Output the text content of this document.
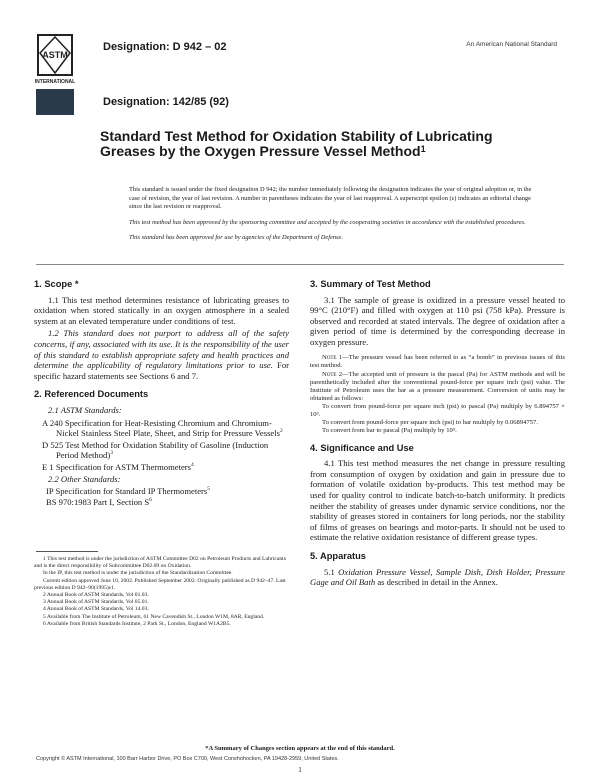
ASTM
INTERNATIONAL
Designation: D 942 – 02	An American National Standard
Designation: 142/85 (92)
Standard Test Method for Oxidation Stability of Lubricating Greases by the Oxygen Pressure Vessel Method$^1$

This standard is issued under the fixed designation D 942; the number immediately following the designation indicates the year of original adoption or, in the case of revision, the year of last revision. A number in parentheses indicates the year of last reapproval. A superscript epsilon (ε) indicates an editorial change since the last revision or reapproval.

This test method has been approved by the sponsoring committee and accepted by the cooperating societies in accordance with the established procedures.

This standard has been approved for use by agencies of the Department of Defense.

1. Scope *

1.1 This test method determines resistance of lubricating greases to oxidation when stored statically in an oxygen atmosphere in a sealed system at an elevated temperature under conditions of test.

1.2 This standard does not purport to address all of the safety concerns, if any, associated with its use. It is the responsibility of the user of this standard to establish appropriate safety and health practices and determine the applicability of regulatory limitations prior to use. For specific hazard statements see Sections 6 and 7.

2. Referenced Documents

2.1 ASTM Standards:

A 240 Specification for Heat-Resisting Chromium and Chromium-Nickel Stainless Steel Plate, Sheet, and Strip for Pressure Vessels$^2$

D 525 Test Method for Oxidation Stability of Gasoline (Induction Period Method)$^3$

E 1 Specification for ASTM Thermometers$^4$

2.2 Other Standards:

IP Specification for Standard IP Thermometers$^5$

BS 970:1983 Part I, Section $S^6$

1 This test method is under the jurisdiction of ASTM Committee D02 on Petroleum Products and Lubricants and is the direct responsibility of Subcommittee D02.09 on Oxidation.

In the IP, this test method is under the jurisdiction of the Standardization Committee.

Current edition approved June 10, 2002. Published September 2002. Originally published as D 942–47. Last previous edition D 942–90(1995)ε1.

2 Annual Book of ASTM Standards, Vol 01.03.

3 Annual Book of ASTM Standards, Vol 05.01.

4 Annual Book of ASTM Standards, Vol 14.03.

5 Available from The Institute of Petroleum, 61 New Cavendish St., London W1M, 8AR, England.

6 Available from British Standards Institute, 2 Park St., London, England W1A2B5.

3. Summary of Test Method

3.1 The sample of grease is oxidized in a pressure vessel heated to 99°C (210°F) and filled with oxygen at 110 psi (758 kPa). Pressure is observed and recorded at stated intervals. The degree of oxidation after a given period of time is determined by the corresponding decrease in oxygen pressure.

Note 1—The pressure vessel has been referred to as “a bomb” in previous issues of this test method.

Note 2—The accepted unit of pressure is the pascal (Pa) for ASTM methods and will be parenthetically included after the conventional pound-force per square inch (psi) value. The Institute of Petroleum uses the bar as a pressure measurement. Conversion of units may be obtained as follows:

To convert from pound-force per square inch (psi) to pascal (Pa) multiply by 6.894757 × 10³.

To convert from pound-force per square inch (psi) to bar multiply by 0.06894757.

To convert from bar to pascal (Pa) multiply by 10⁵.

4. Significance and Use

4.1 This test method measures the net change in pressure resulting from consumption of oxygen by oxidation and gain in pressure due to formation of volatile oxidation by-products. This test method may be used for quality control to indicate batch-to-batch uniformity. It predicts neither the stability of greases under dynamic service conditions, nor the stability of greases stored in containers for long periods, nor the stability of films of greases on bearings and motor-parts. It should not be used to estimate the relative oxidation resistance of different grease types.

5. Apparatus

5.1 Oxidation Pressure Vessel, Sample Dish, Dish Holder, Pressure Gage and Oil Bath as described in detail in the Annex.

*A Summary of Changes section appears at the end of this standard.
Copyright © ASTM International, 100 Barr Harbor Drive, PO Box C700, West Conshohocken, PA 19428-2959, United States.
1
